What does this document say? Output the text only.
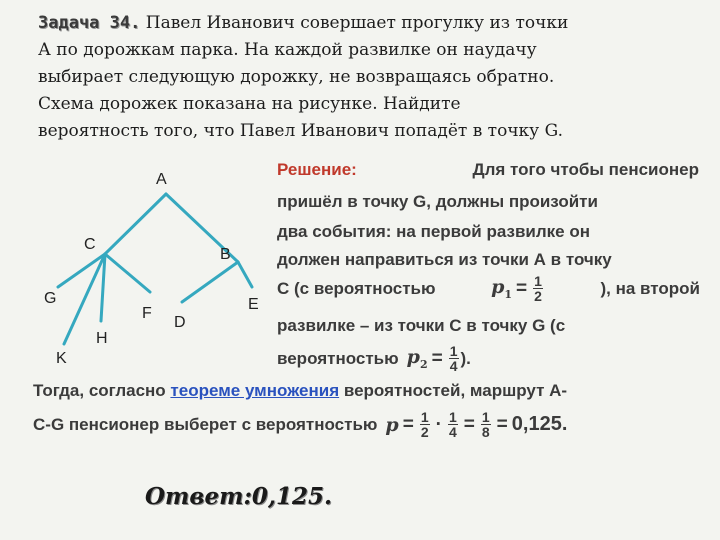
Задача 34. Павел Иванович совершает прогулку из точки
А по дорожкам парка. На каждой развилке он наудачу
выбирает следующую дорожку, не возвращаясь обратно.
Схема дорожек показана на рисунке. Найдите
вероятность того, что Павел Иванович попадёт в точку G.
A
C
B
G
K
H
F
D
E
Решение:	Для того чтобы пенсионер
пришёл в точку G, должны произойти
два события: на первой развилке он
должен направиться из точки А в точку
С (с вероятностью	$p_1 = \frac{1}{2}$	), на второй
развилке – из точки С в точку G (с
вероятностью $p_2 = \frac{1}{4}$ ).
Тогда, согласно теореме умножения вероятностей, маршрут А-
С-G пенсионер выберет с вероятностью $p = \frac{1}{2} \cdot \frac{1}{4} = \frac{1}{8} = 0,125$.
Ответ:0,125.
